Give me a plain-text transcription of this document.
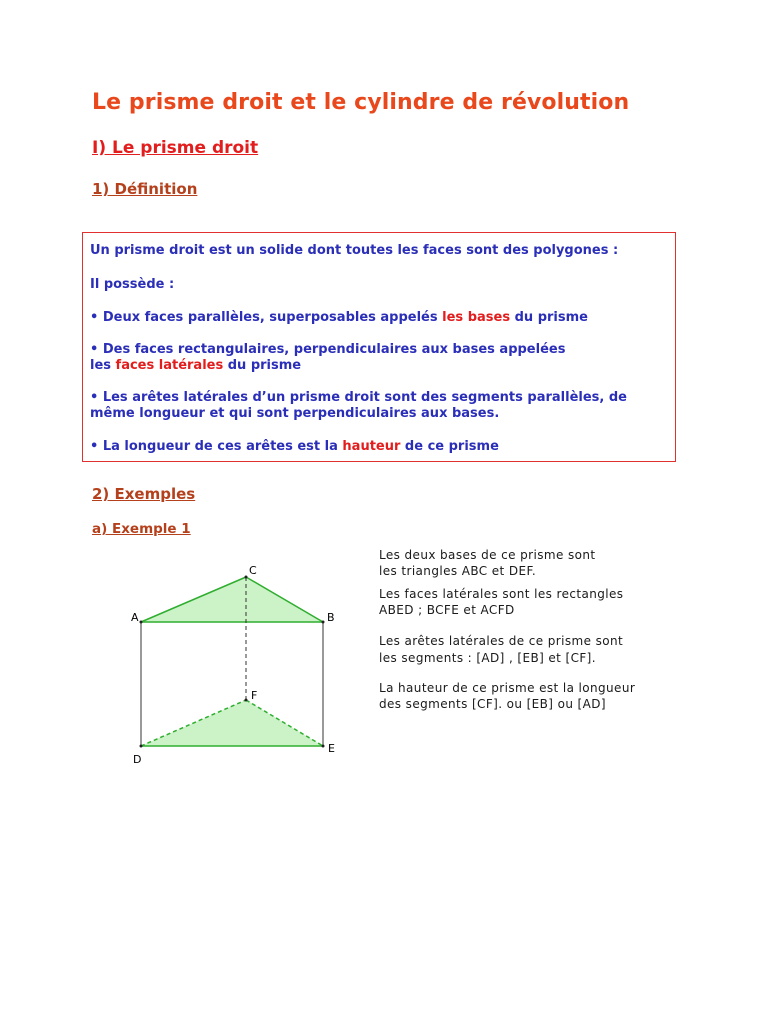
Le prisme droit et le cylindre de révolution
I) Le prisme droit
1) Définition
Un prisme droit est un solide dont toutes les faces sont des polygones :
Il possède :
• Deux faces parallèles, superposables appelés les bases du prisme
• Des faces rectangulaires, perpendiculaires aux bases appelées
les faces latérales du prisme
• Les arêtes latérales d’un prisme droit sont des segments parallèles, de
même longueur et qui sont perpendiculaires aux bases.
• La longueur de ces arêtes est la hauteur de ce prisme
2) Exemples
a) Exemple 1
A	B
C
D
E
F
Les deux bases de ce prisme sont
les triangles ABC et DEF.
Les faces latérales sont les rectangles
ABED ; BCFE et ACFD
Les arêtes latérales de ce prisme sont
les segments : [AD] , [EB] et [CF].
La hauteur de ce prisme est la longueur
des segments [CF]. ou [EB] ou [AD]
